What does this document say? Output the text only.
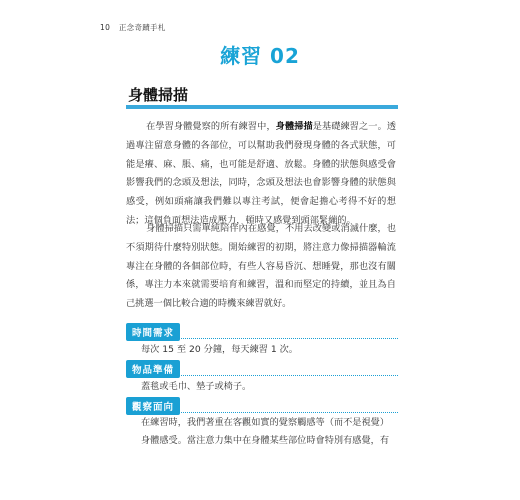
10 正念奇蹟手札
練習 02
身體掃描

在學習身體覺察的所有練習中，身體掃描是基礎練習之一。透過專注留意身體的各部位，可以幫助我們發現身體的各式狀態，可能是癢、麻、脹、痛，也可能是舒適、放鬆。身體的狀態與感受會影響我們的念頭及想法，同時，念頭及想法也會影響身體的狀態與感受，例如頭痛讓我們難以專注考試，便會起擔心考得不好的想法；這個負面想法造成壓力，頓時又感覺到頭部緊繃的。

身體掃描只需單純陪伴內在感覺，不用去改變或消滅什麼，也不須期待什麼特別狀態。開始練習的初期，將注意力像掃描器輪流專注在身體的各個部位時，有些人容易昏沉、想睡覺，那也沒有關係，專注力本來就需要培育和練習，溫和而堅定的持續，並且為自己挑選一個比較合適的時機來練習就好。

時間需求

每次 15 至 20 分鐘，每天練習 1 次。

物品準備

蓋毯或毛巾、墊子或椅子。

觀察面向

在練習時，我們著重在客觀如實的覺察觸感等（而不是視覺）身體感受。當注意力集中在身體某些部位時會特別有感覺，有
